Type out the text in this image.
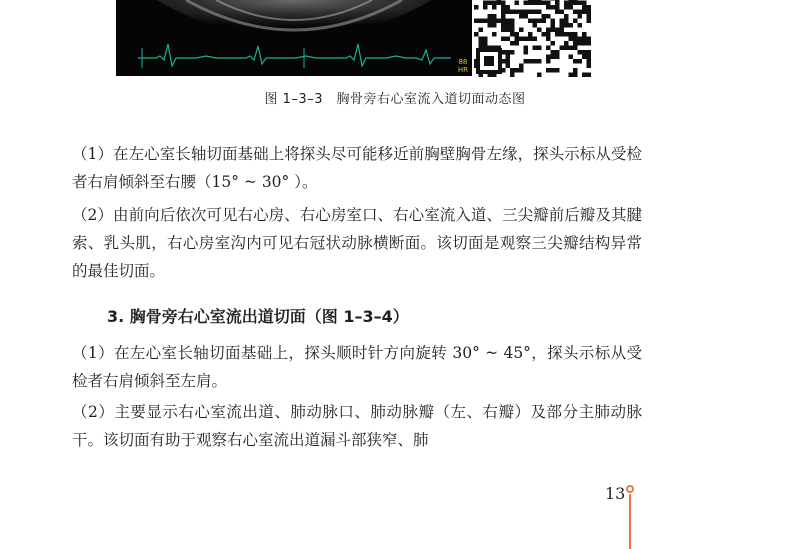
88
HR
图 1–3–3　胸骨旁右心室流入道切面动态图

（1）在左心室长轴切面基础上将探头尽可能移近前胸壁胸骨左缘，探头示标从受检者右肩倾斜至右腰（15° ~ 30° ）。

（2）由前向后依次可见右心房、右心房室口、右心室流入道、三尖瓣前后瓣及其腱索、乳头肌，右心房室沟内可见右冠状动脉横断面。该切面是观察三尖瓣结构异常的最佳切面。

3. 胸骨旁右心室流出道切面（图 1–3–4）

（1）在左心室长轴切面基础上，探头顺时针方向旋转 30° ~ 45°，探头示标从受检者右肩倾斜至左肩。

（2）主要显示右心室流出道、肺动脉口、肺动脉瓣（左、右瓣）及部分主肺动脉干。该切面有助于观察右心室流出道漏斗部狭窄、肺

13
